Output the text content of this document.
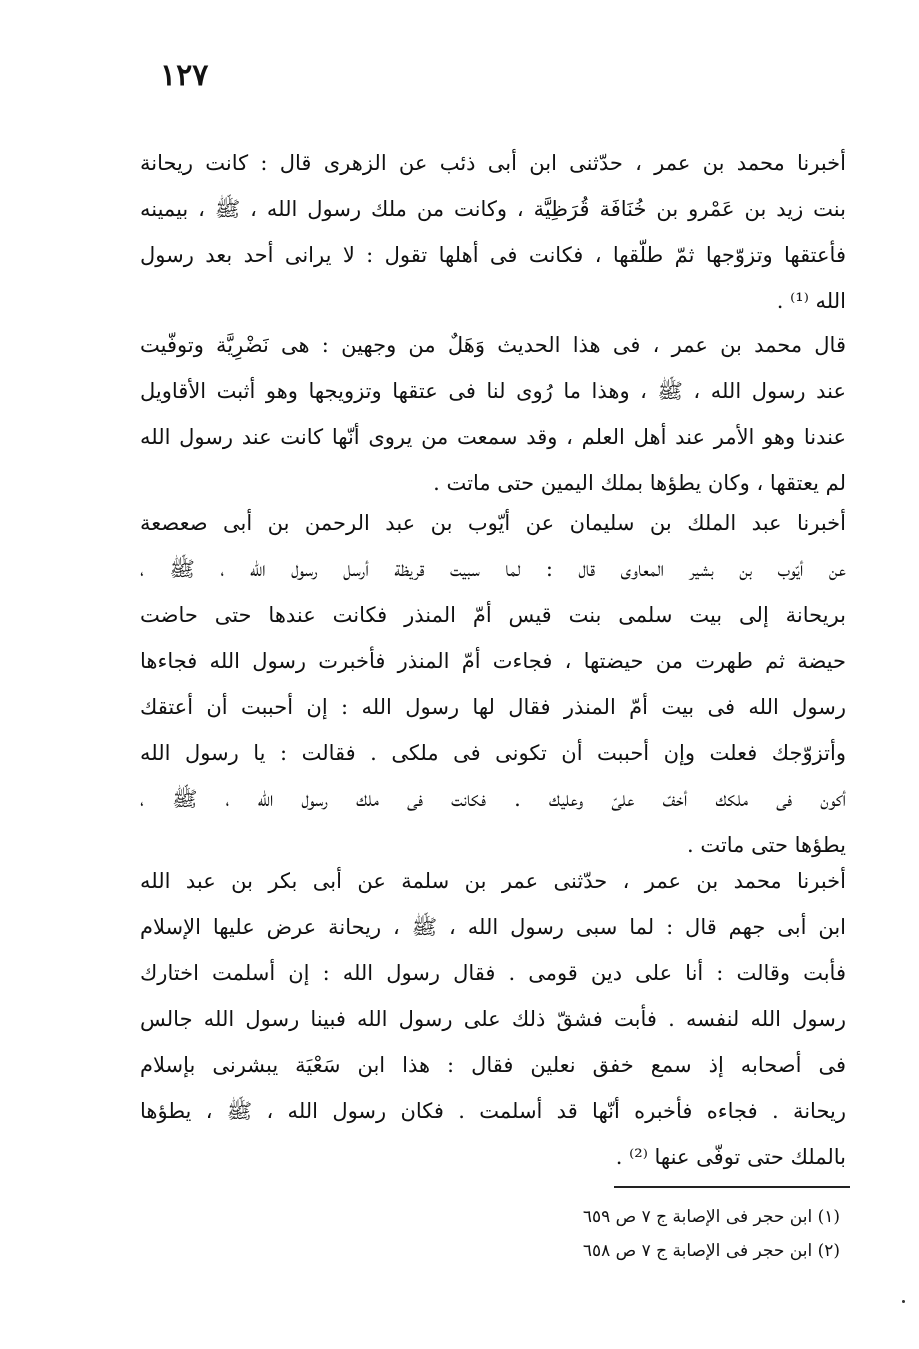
١٢٧

أخبرنا محمد بن عمر ، حدّثنى ابن أبى ذئب عن الزهرى قال : كانت ريحانة
بنت زيد بن عَمْرو بن خُنَافَة قُرَظِيَّة ، وكانت من ملك رسول الله ، ﷺ ، بيمينه
فأعتقها وتزوّجها ثمّ طلّقها ، فكانت فى أهلها تقول : لا يرانى أحد بعد رسول
الله ⁽¹⁾ .

قال محمد بن عمر ، فى هذا الحديث وَهَلٌ من وجهين : هى نَضْرِيَّة وتوفّيت
عند رسول الله ، ﷺ ، وهذا ما رُوى لنا فى عتقها وتزويجها وهو أثبت الأقاويل
عندنا وهو الأمر عند أهل العلم ، وقد سمعت من يروى أنّها كانت عند رسول الله
لم يعتقها ، وكان يطؤها بملك اليمين حتى ماتت .

أخبرنا عبد الملك بن سليمان عن أيّوب بن عبد الرحمن بن أبى صعصعة
عن أيّوب بن بشير المعاوى قال : لما سبيت قريظة أرسل رسول الله ، ﷺ ،
بريحانة إلى بيت سلمى بنت قيس أمّ المنذر فكانت عندها حتى حاضت
حيضة ثم طهرت من حيضتها ، فجاءت أمّ المنذر فأخبرت رسول الله فجاءها
رسول الله فى بيت أمّ المنذر فقال لها رسول الله : إن أحببت أن أعتقك
وأتزوّجك فعلت وإن أحببت أن تكونى فى ملكى . فقالت : يا رسول الله
أكون فى ملكك أخفّ علىّ وعليك . فكانت فى ملك رسول الله ، ﷺ ،
يطؤها حتى ماتت .

أخبرنا محمد بن عمر ، حدّثنى عمر بن سلمة عن أبى بكر بن عبد الله
ابن أبى جهم قال : لما سبى رسول الله ، ﷺ ، ريحانة عرض عليها الإسلام
فأبت وقالت : أنا على دين قومى . فقال رسول الله : إن أسلمت اختارك
رسول الله لنفسه . فأبت فشقّ ذلك على رسول الله فبينا رسول الله جالس
فى أصحابه إذ سمع خفق نعلين فقال : هذا ابن سَعْيَة يبشرنى بإسلام
ريحانة . فجاءه فأخبره أنّها قد أسلمت . فكان رسول الله ، ﷺ ، يطؤها
بالملك حتى توفّى عنها ⁽²⁾ .

(١) ابن حجر فى الإصابة ج ٧ ص ٦٥٩
(٢) ابن حجر فى الإصابة ج ٧ ص ٦٥٨
